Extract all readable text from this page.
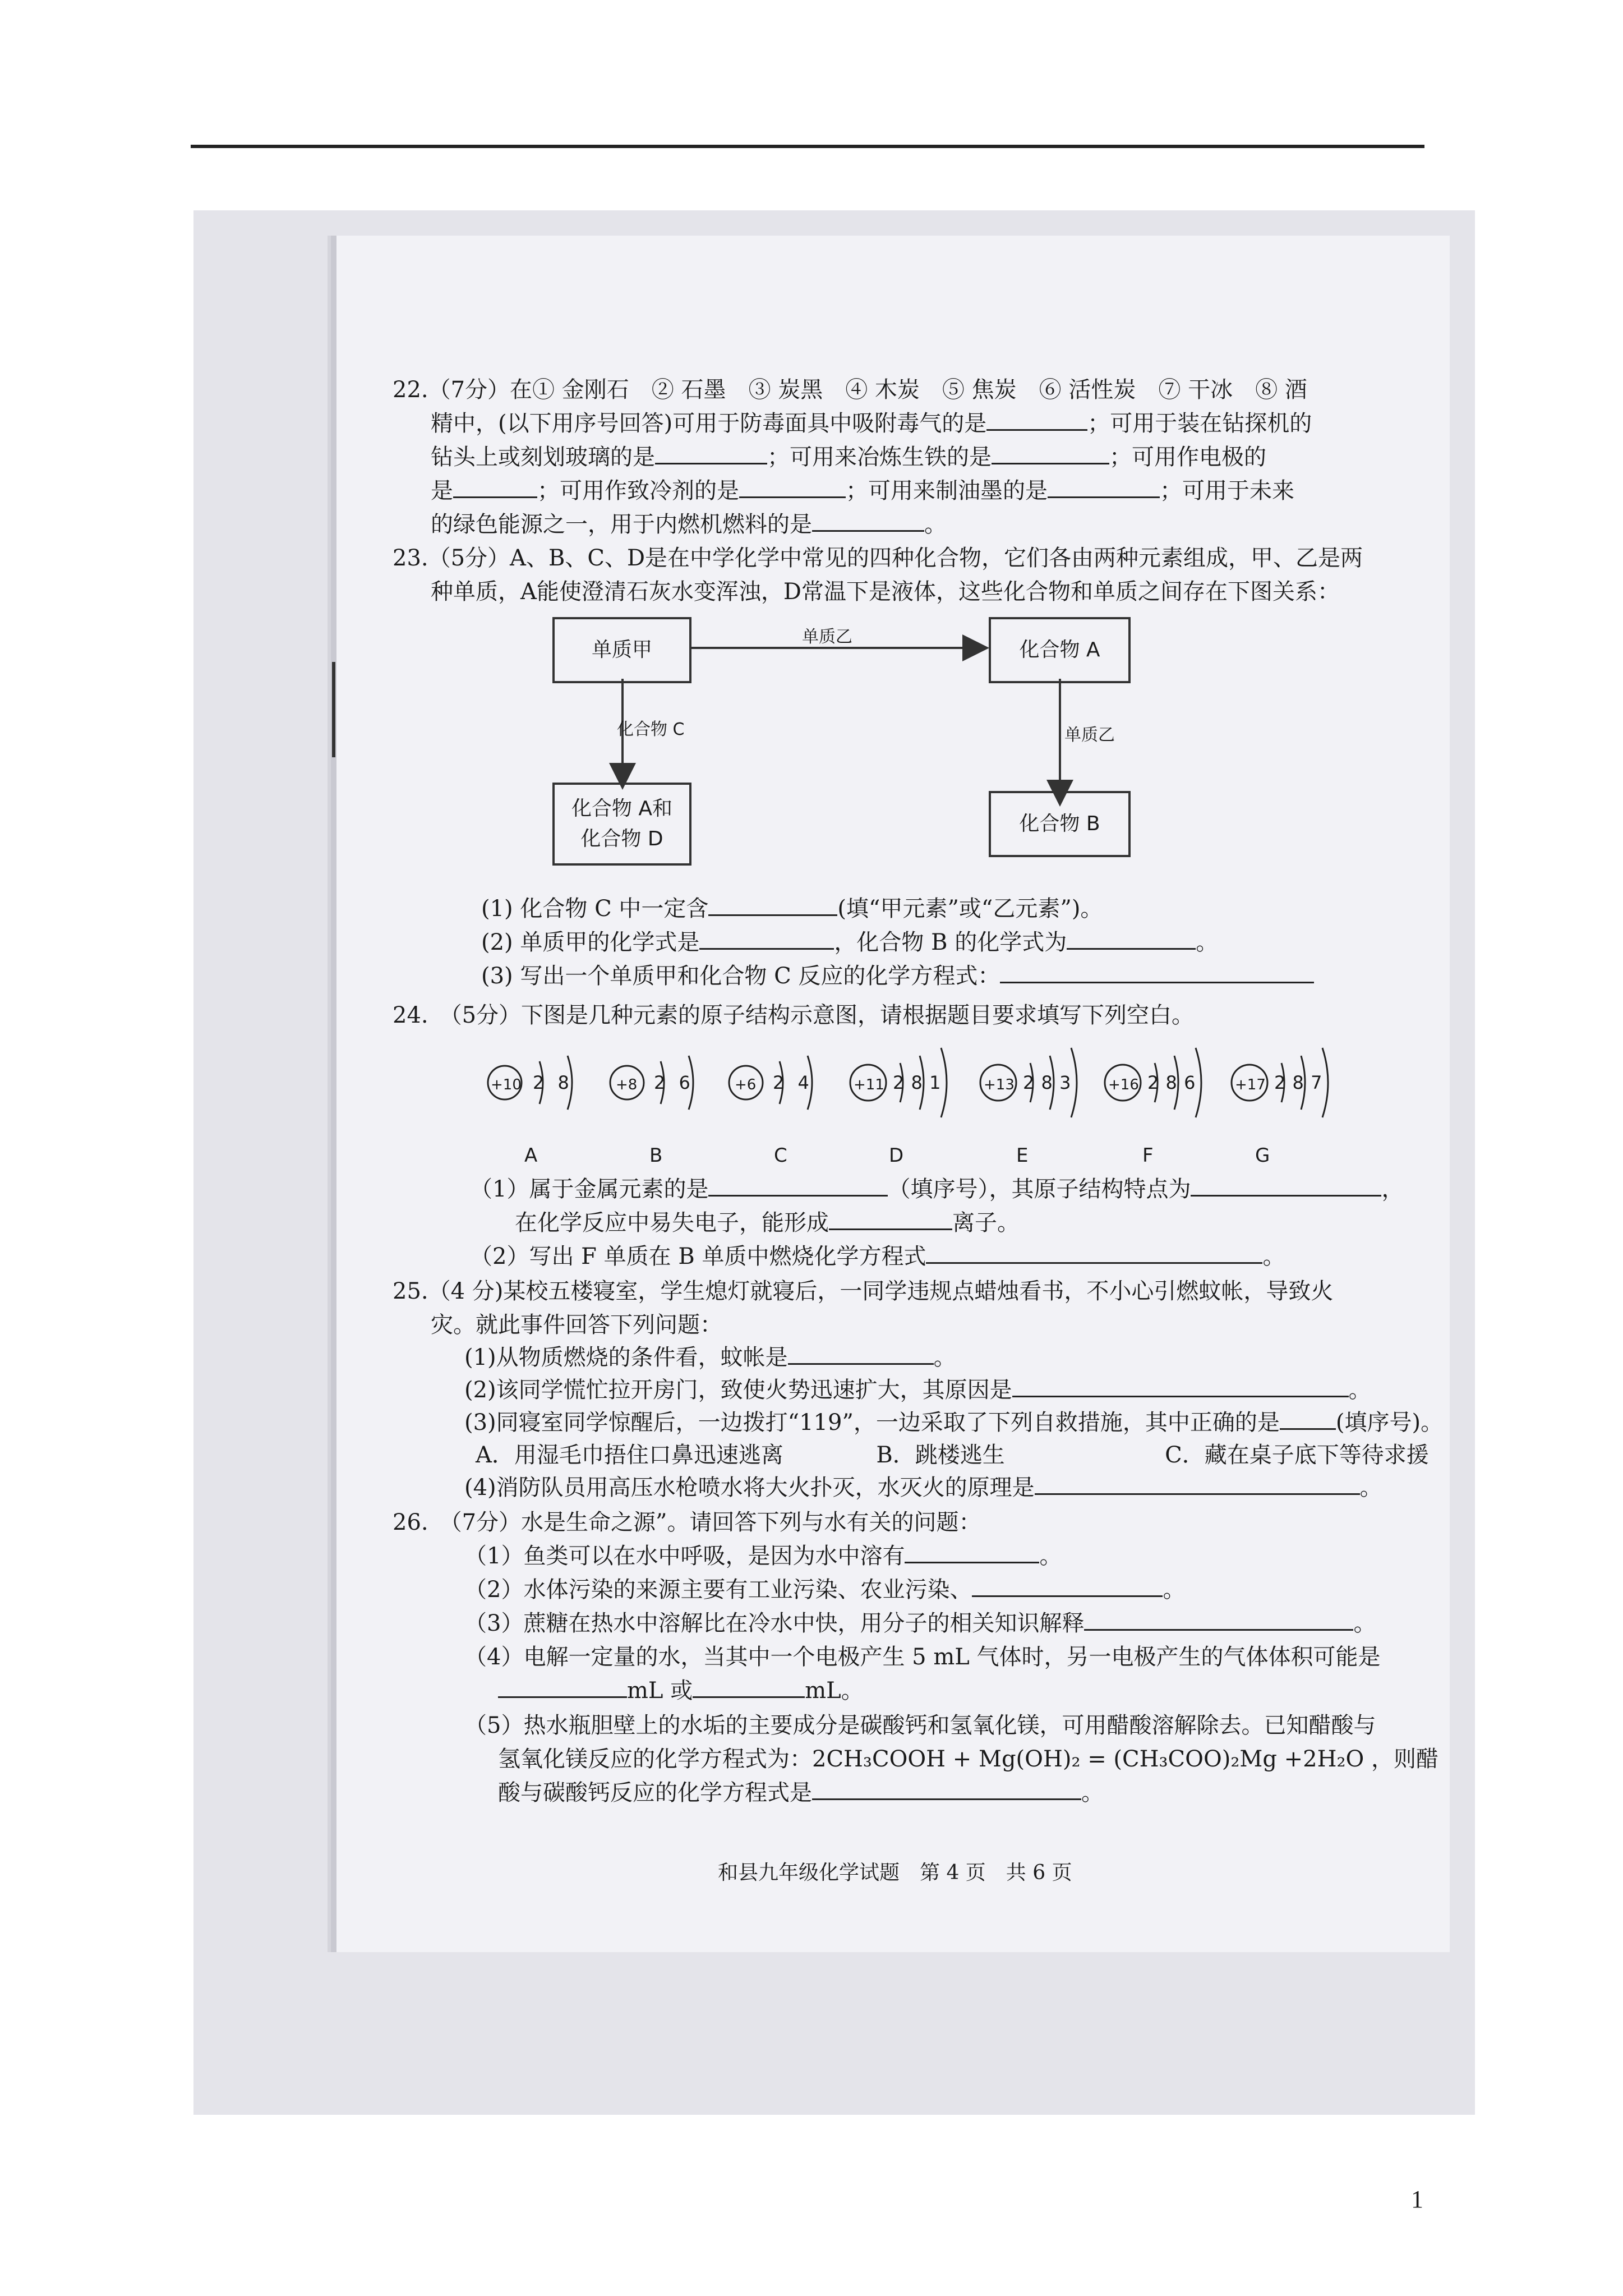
22.（7分）在① 金刚石　② 石墨　③ 炭黑　④ 木炭　⑤ 焦炭　⑥ 活性炭　⑦ 干冰　⑧ 酒
精中，(以下用序号回答)可用于防毒面具中吸附毒气的是	；可用于装在钻探机的
钻头上或刻划玻璃的是	；可用来冶炼生铁的是	；可用作电极的
是	；可用作致冷剂的是	；可用来制油墨的是	；可用于未来
的绿色能源之一，用于内燃机燃料的是	。
23.（5分）A、B、C、D是在中学化学中常见的四种化合物，它们各由两种元素组成，甲、乙是两
种单质，A能使澄清石灰水变浑浊，D常温下是液体，这些化合物和单质之间存在下图关系：
单质甲	化合物 A
化合物 A和
化合物 D
化合物 B
单质乙
化合物 C	单质乙
(1) 化合物 C 中一定含	(填“甲元素”或“乙元素”)。
(2) 单质甲的化学式是	，化合物 B 的化学式为	。
(3) 写出一个单质甲和化合物 C 反应的化学方程式：
24.　（5分）下图是几种元素的原子结构示意图，请根据题目要求填写下列空白。
+10 2 8	+8 2 6	+6 2 4	+11 2 8 1	+13 2 8 3	+16 2 8 6	+17 2 8 7
A	B	C	D	E	F	G
（1）属于金属元素的是	（填序号），其原子结构特点为	，
在化学反应中易失电子，能形成	离子。
（2）写出 F 单质在 B 单质中燃烧化学方程式	。
25.（4 分)某校五楼寝室，学生熄灯就寝后，一同学违规点蜡烛看书，不小心引燃蚊帐，导致火
灾。就此事件回答下列问题：
(1)从物质燃烧的条件看，蚊帐是	。
(2)该同学慌忙拉开房门，致使火势迅速扩大，其原因是	。
(3)同寝室同学惊醒后，一边拨打“119”，一边采取了下列自救措施，其中正确的是	(填序号)。
A．用湿毛巾捂住口鼻迅速逃离	B．跳楼逃生	C．藏在桌子底下等待求援
(4)消防队员用高压水枪喷水将大火扑灭，水灭火的原理是	。
26.　（7分）水是生命之源”。请回答下列与水有关的问题：
（1）鱼类可以在水中呼吸，是因为水中溶有	。
（2）水体污染的来源主要有工业污染、农业污染、	。
（3）蔗糖在热水中溶解比在冷水中快，用分子的相关知识解释	。
（4）电解一定量的水，当其中一个电极产生 5 mL 气体时，另一电极产生的气体体积可能是
mL 或	mL。
（5）热水瓶胆壁上的水垢的主要成分是碳酸钙和氢氧化镁，可用醋酸溶解除去。已知醋酸与
氢氧化镁反应的化学方程式为：2CH₃COOH + Mg(OH)₂ = (CH₃COO)₂Mg +2H₂O ，则醋
酸与碳酸钙反应的化学方程式是	。
和县九年级化学试题　第 4 页　共 6 页
1
